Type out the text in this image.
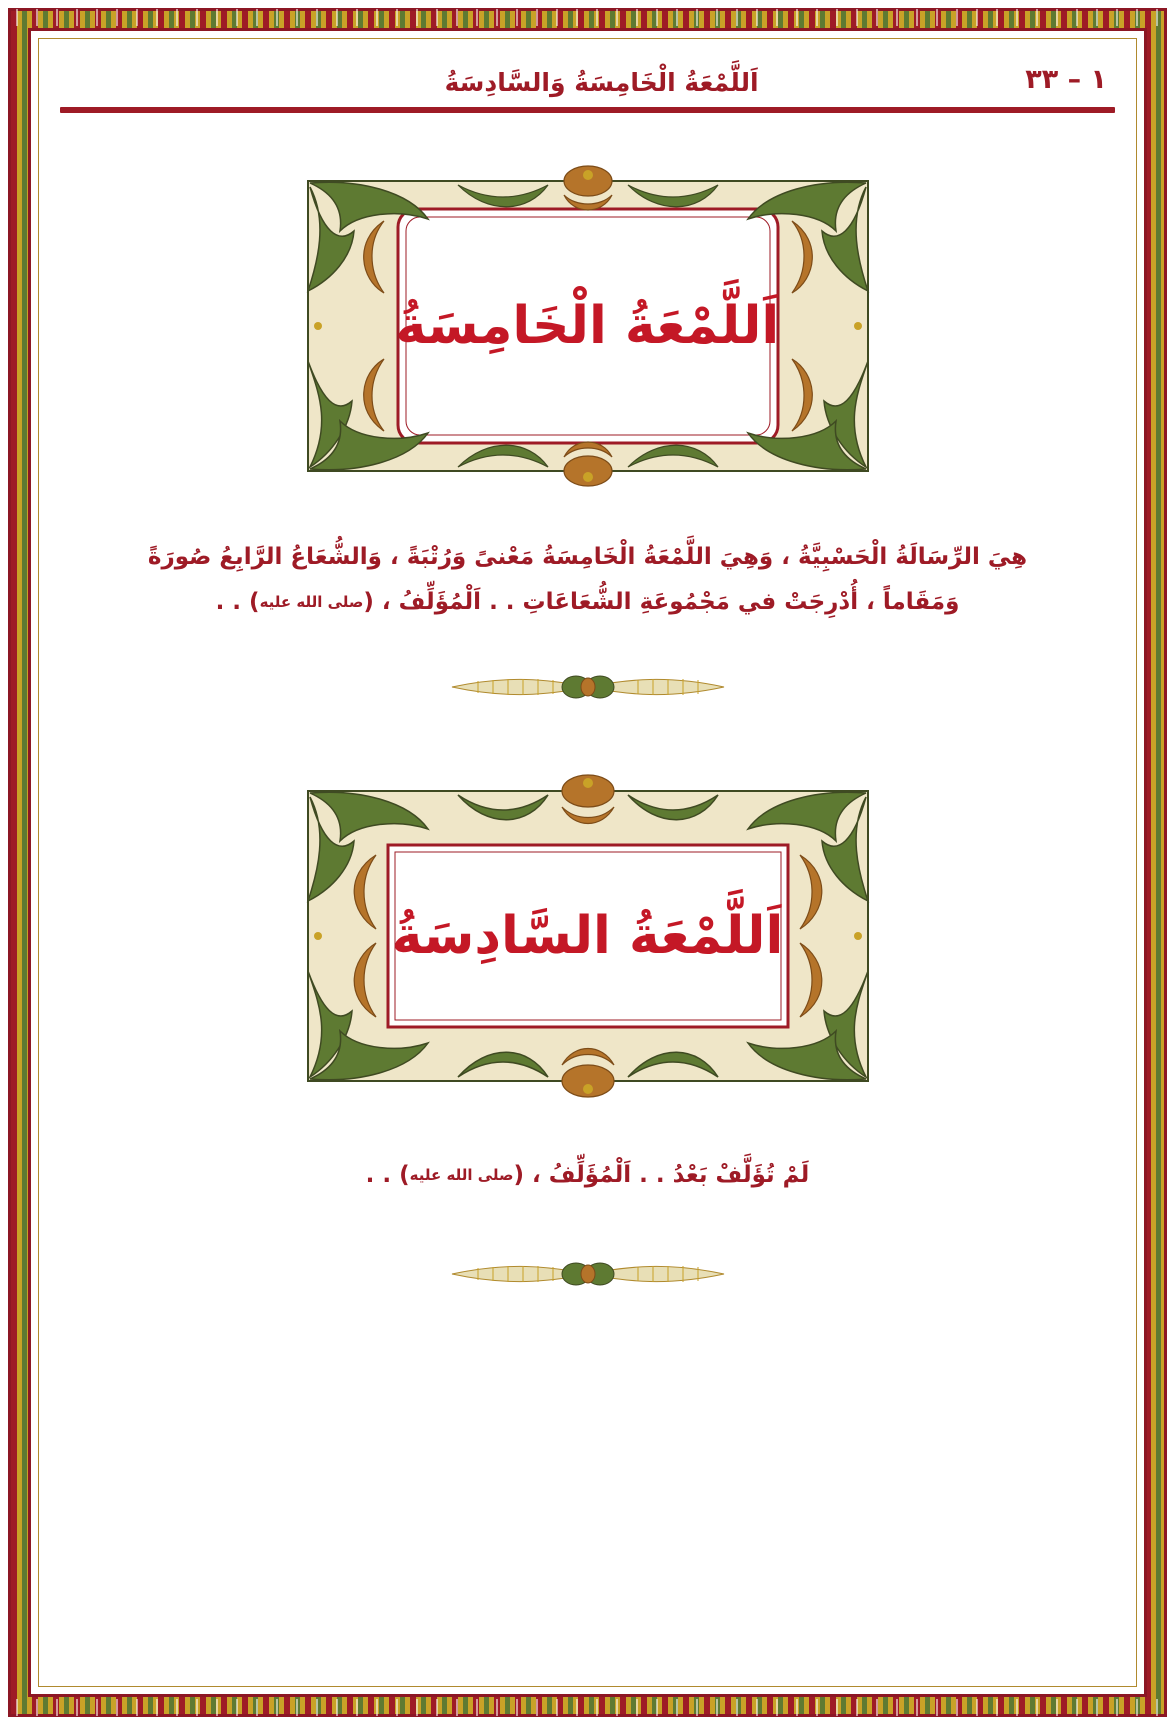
١ – ٣٣
اَللَّمْعَةُ الْخَامِسَةُ وَالسَّادِسَةُ
اَللَّمْعَةُ الْخَامِسَةُ
هِيَ الرِّسَالَةُ الْحَسْبِيَّةُ ، وَهِيَ اللَّمْعَةُ الْخَامِسَةُ مَعْنىً وَرُتْبَةً ، وَالشُّعَاعُ الرَّابِعُ صُورَةً
وَمَقَاماً ، أُدْرِجَتْ في مَجْمُوعَةِ الشُّعَاعَاتِ . . اَلْمُؤَلِّفُ ، (صلى الله عليه) . .
اَللَّمْعَةُ السَّادِسَةُ
لَمْ تُؤَلَّفْ بَعْدُ . . اَلْمُؤَلِّفُ ، (صلى الله عليه) . .
